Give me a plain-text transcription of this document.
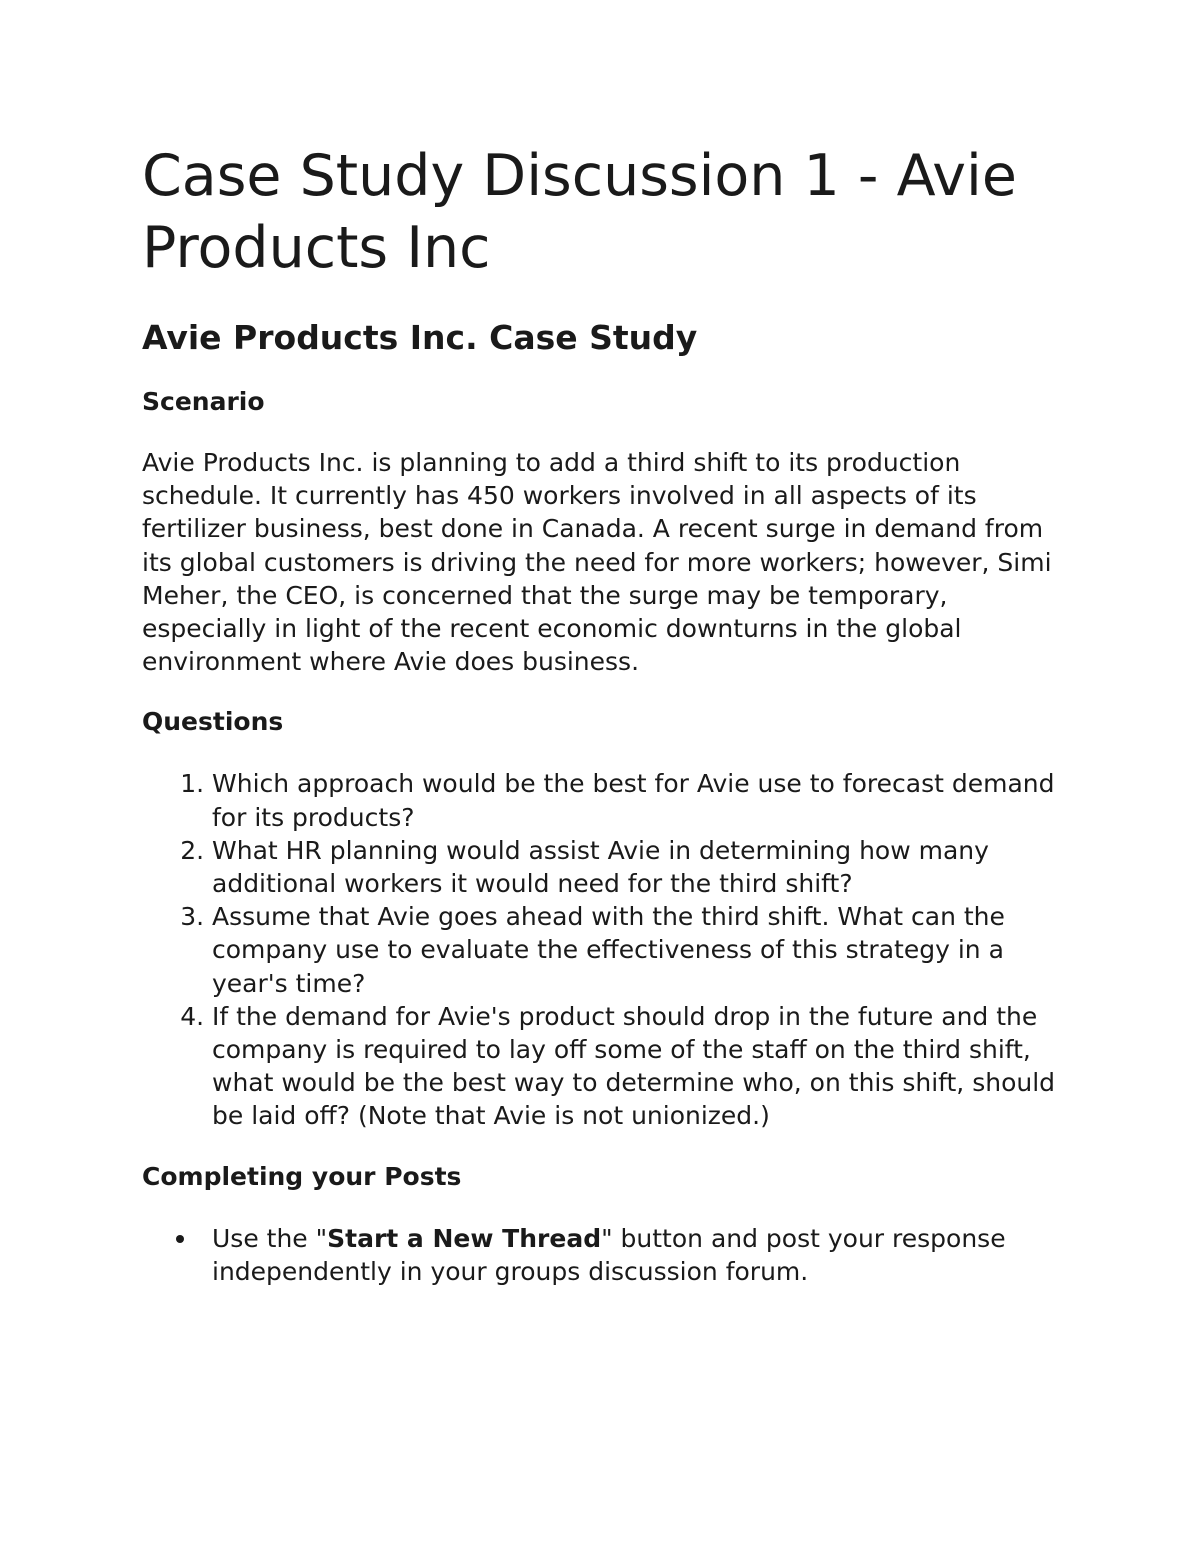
Case Study Discussion 1 - Avie Products Inc
Avie Products Inc. Case Study
Scenario

Avie Products Inc. is planning to add a third shift to its production schedule. It currently has 450 workers involved in all aspects of its fertilizer business, best done in Canada. A recent surge in demand from its global customers is driving the need for more workers; however, Simi Meher, the CEO, is concerned that the surge may be temporary, especially in light of the recent economic downturns in the global environment where Avie does business.

Questions
1. Which approach would be the best for Avie use to forecast demand for its products?
2. What HR planning would assist Avie in determining how many additional workers it would need for the third shift?
3. Assume that Avie goes ahead with the third shift. What can the company use to evaluate the effectiveness of this strategy in a year's time?
4. If the demand for Avie's product should drop in the future and the company is required to lay off some of the staff on the third shift, what would be the best way to determine who, on this shift, should be laid off? (Note that Avie is not unionized.)
Completing your Posts
Use the "Start a New Thread" button and post your response independently in your groups discussion forum.
